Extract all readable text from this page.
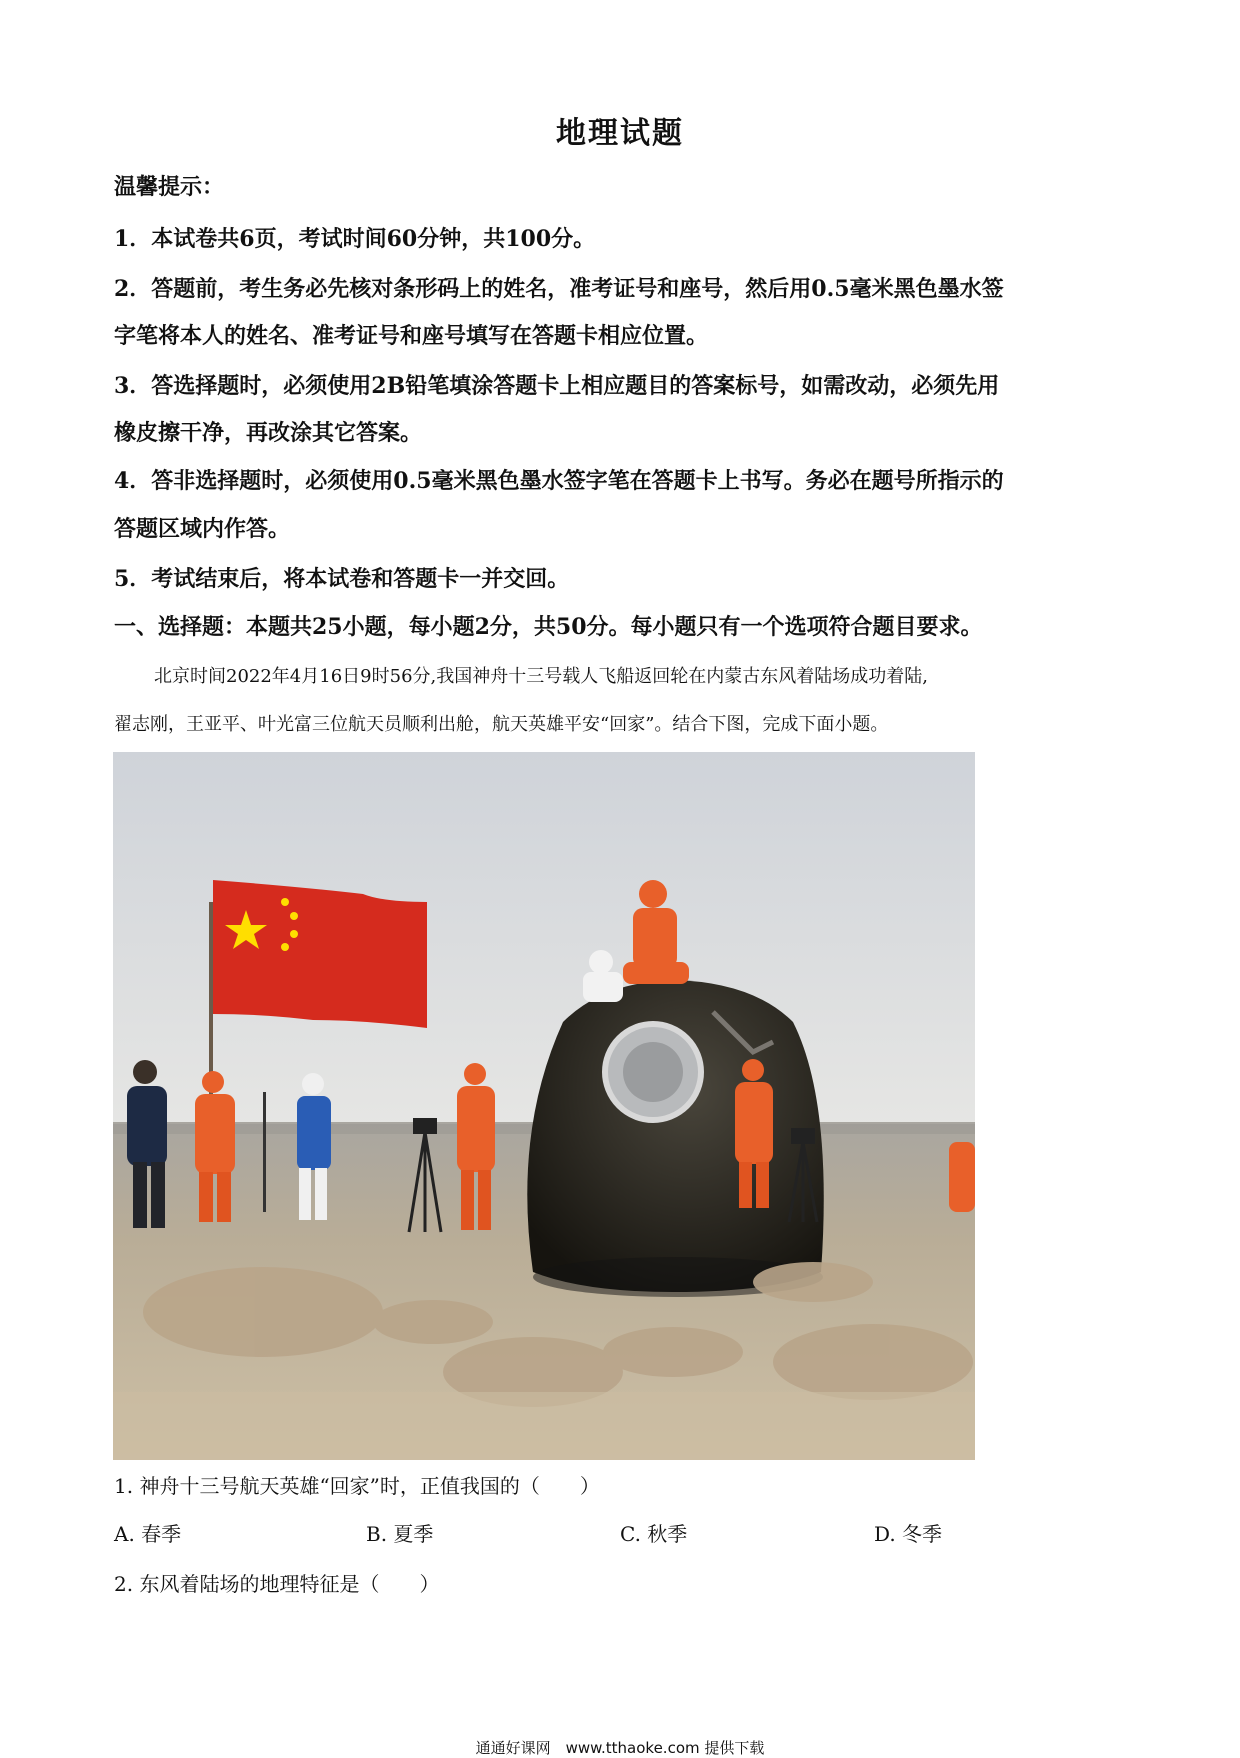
地理试题
温馨提示：
1．本试卷共6页，考试时间60分钟，共100分。
2．答题前，考生务必先核对条形码上的姓名，准考证号和座号，然后用0.5毫米黑色墨水签
字笔将本人的姓名、准考证号和座号填写在答题卡相应位置。
3．答选择题时，必须使用2B铅笔填涂答题卡上相应题目的答案标号，如需改动，必须先用
橡皮擦干净，再改涂其它答案。
4．答非选择题时，必须使用0.5毫米黑色墨水签字笔在答题卡上书写。务必在题号所指示的
答题区域内作答。
5．考试结束后，将本试卷和答题卡一并交回。
一、选择题：本题共25小题，每小题2分，共50分。每小题只有一个选项符合题目要求。
北京时间2022年4月16日9时56分,我国神舟十三号载人飞船返回轮在内蒙古东风着陆场成功着陆,
翟志刚，王亚平、叶光富三位航天员顺利出舱，航天英雄平安“回家”。结合下图，完成下面小题。
1. 神舟十三号航天英雄“回家”时，正值我国的（　　）
A. 春季	B. 夏季	C. 秋季	D. 冬季
2. 东风着陆场的地理特征是（　　）
通通好课网　www.tthaoke.com 提供下载
